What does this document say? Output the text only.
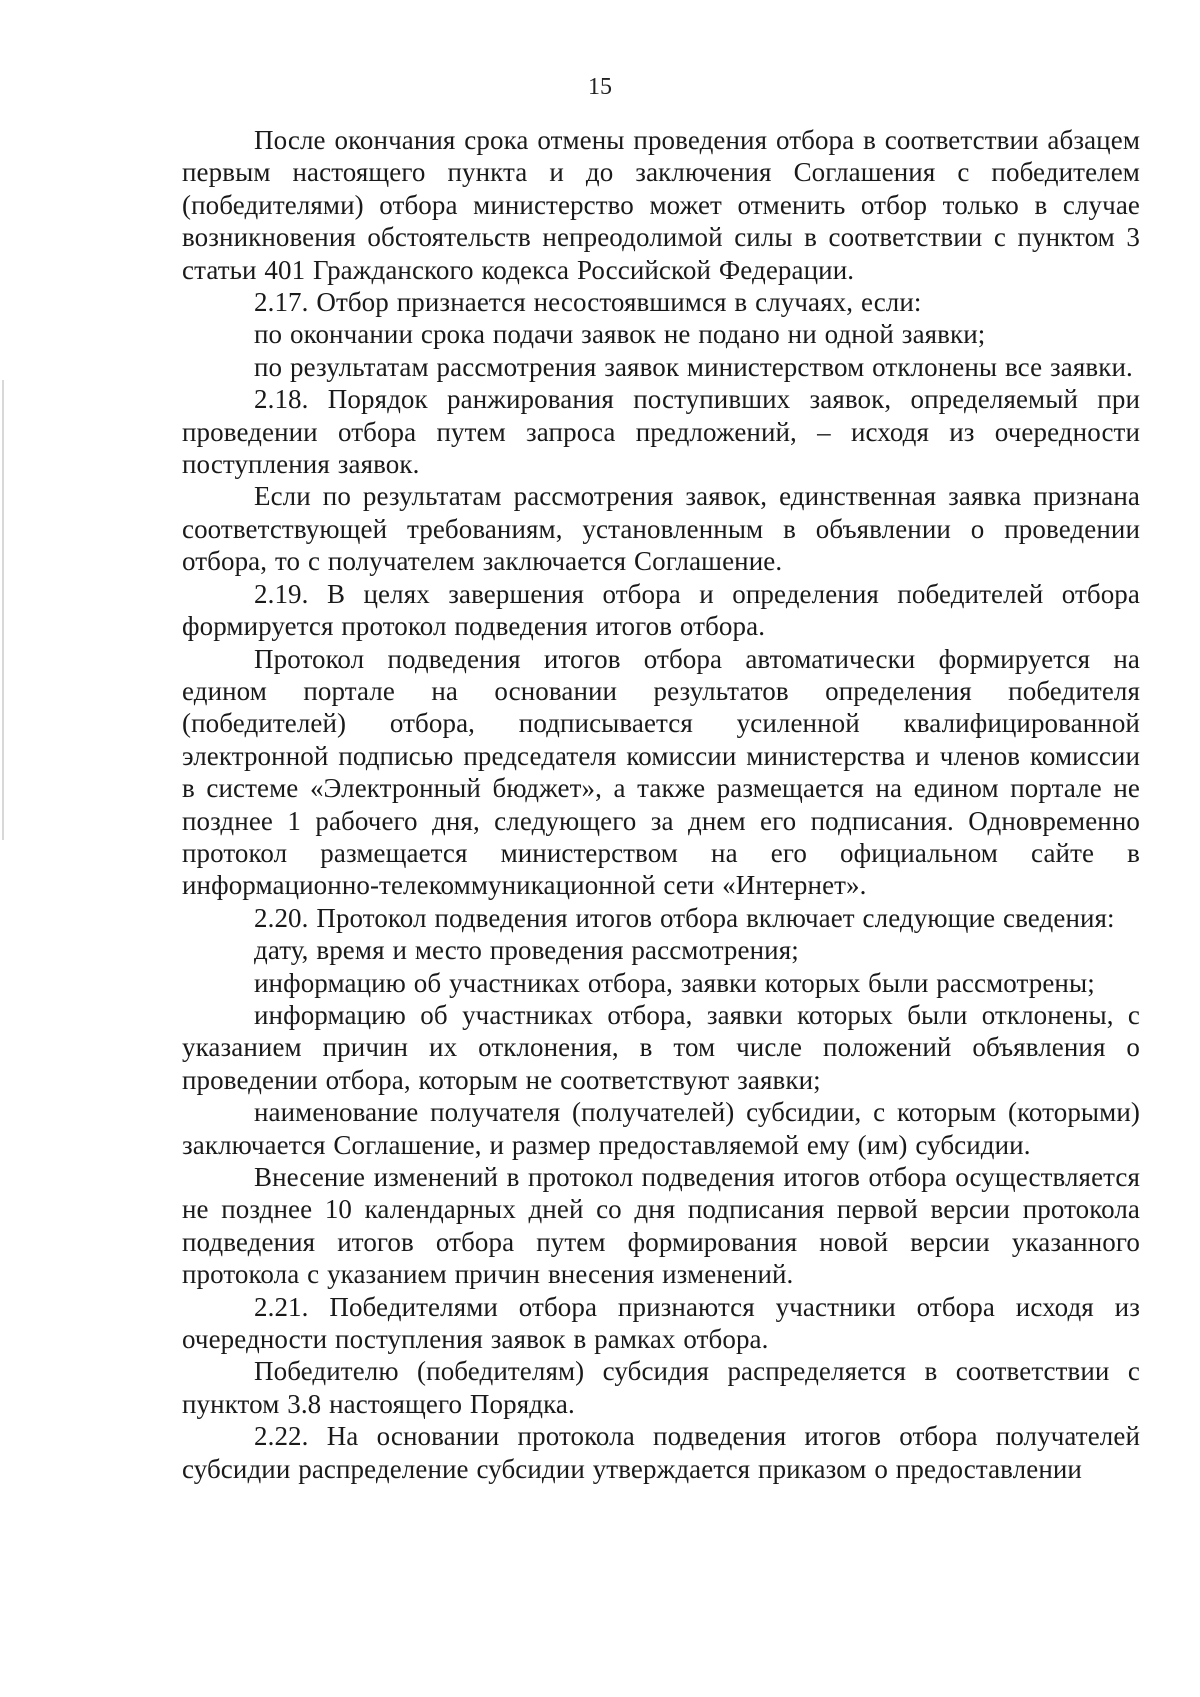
15

После окончания срока отмены проведения отбора в соответствии абзацем первым настоящего пункта и до заключения Соглашения с победителем (победителями) отбора министерство может отменить отбор только в случае возникновения обстоятельств непреодолимой силы в соответствии с пунктом 3 статьи 401 Гражданского кодекса Российской Федерации.

2.17. Отбор признается несостоявшимся в случаях, если:

по окончании срока подачи заявок не подано ни одной заявки;

по результатам рассмотрения заявок министерством отклонены все заявки.

2.18. Порядок ранжирования поступивших заявок, определяемый при проведении отбора путем запроса предложений, – исходя из очередности поступления заявок.

Если по результатам рассмотрения заявок, единственная заявка признана соответствующей требованиям, установленным в объявлении о проведении отбора, то с получателем заключается Соглашение.

2.19. В целях завершения отбора и определения победителей отбора формируется протокол подведения итогов отбора.

Протокол подведения итогов отбора автоматически формируется на едином портале на основании результатов определения победителя (победителей) отбора, подписывается усиленной квалифицированной электронной подписью председателя комиссии министерства и членов комиссии в системе «Электронный бюджет», а также размещается на едином портале не позднее 1 рабочего дня, следующего за днем его подписания. Одновременно протокол размещается министерством на его официальном сайте в информационно-телекоммуникационной сети «Интернет».

2.20. Протокол подведения итогов отбора включает следующие сведения:

дату, время и место проведения рассмотрения;

информацию об участниках отбора, заявки которых были рассмотрены;

информацию об участниках отбора, заявки которых были отклонены, с указанием причин их отклонения, в том числе положений объявления о проведении отбора, которым не соответствуют заявки;

наименование получателя (получателей) субсидии, с которым (которыми) заключается Соглашение, и размер предоставляемой ему (им) субсидии.

Внесение изменений в протокол подведения итогов отбора осуществляется не позднее 10 календарных дней со дня подписания первой версии протокола подведения итогов отбора путем формирования новой версии указанного протокола с указанием причин внесения изменений.

2.21. Победителями отбора признаются участники отбора исходя из очередности поступления заявок в рамках отбора.

Победителю (победителям) субсидия распределяется в соответствии с пунктом 3.8 настоящего Порядка.

2.22. На основании протокола подведения итогов отбора получателей субсидии распределение субсидии утверждается приказом о предоставлении
